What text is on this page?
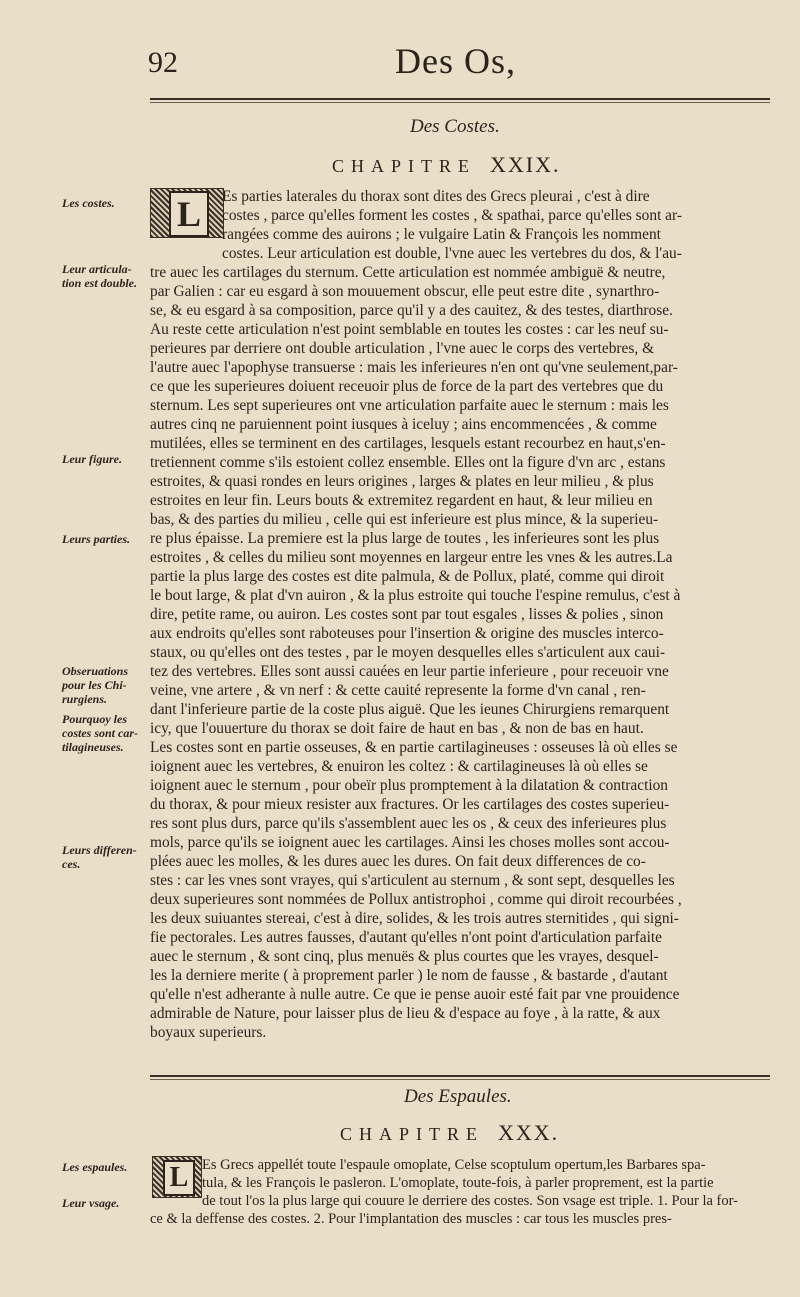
92	Des Os,
Des Costes.
CHAPITRE XXIX.
L
Les costes.
Leur articula-
tion est double.
Leur figure.
Leurs parties.
Obseruations
pour les Chi-
rurgiens.
Pourquoy les
costes sont car-
tilagineuses.
Leurs differen-
ces.
Es parties laterales du thorax sont dites des Grecs pleurai , c'est à dire
costes , parce qu'elles forment les costes , & spathai, parce qu'elles sont ar-
rangées comme des auirons ; le vulgaire Latin & François les nomment
costes. Leur articulation est double, l'vne auec les vertebres du dos, & l'au-
tre auec les cartilages du sternum. Cette articulation est nommée ambiguë & neutre,
par Galien : car eu esgard à son mouuement obscur, elle peut estre dite , synarthro-
se, & eu esgard à sa composition, parce qu'il y a des cauitez, & des testes, diarthrose.
Au reste cette articulation n'est point semblable en toutes les costes : car les neuf su-
perieures par derriere ont double articulation , l'vne auec le corps des vertebres, &
l'autre auec l'apophyse transuerse : mais les inferieures n'en ont qu'vne seulement,par-
ce que les superieures doiuent receuoir plus de force de la part des vertebres que du
sternum. Les sept superieures ont vne articulation parfaite auec le sternum : mais les
autres cinq ne paruiennent point iusques à iceluy ; ains encommencées , & comme
mutilées, elles se terminent en des cartilages, lesquels estant recourbez en haut,s'en-
tretiennent comme s'ils estoient collez ensemble. Elles ont la figure d'vn arc , estans
estroites, & quasi rondes en leurs origines , larges & plates en leur milieu , & plus
estroites en leur fin. Leurs bouts & extremitez regardent en haut, & leur milieu en
bas, & des parties du milieu , celle qui est inferieure est plus mince, & la superieu-
re plus épaisse. La premiere est la plus large de toutes , les inferieures sont les plus
estroites , & celles du milieu sont moyennes en largeur entre les vnes & les autres.La
partie la plus large des costes est dite palmula, & de Pollux, platé, comme qui diroit
le bout large, & plat d'vn auiron , & la plus estroite qui touche l'espine remulus, c'est à
dire, petite rame, ou auiron. Les costes sont par tout esgales , lisses & polies , sinon
aux endroits qu'elles sont raboteuses pour l'insertion & origine des muscles interco-
staux, ou qu'elles ont des testes , par le moyen desquelles elles s'articulent aux caui-
tez des vertebres. Elles sont aussi cauées en leur partie inferieure , pour receuoir vne
veine, vne artere , & vn nerf : & cette cauité represente la forme d'vn canal , ren-
dant l'inferieure partie de la coste plus aiguë. Que les ieunes Chirurgiens remarquent
icy, que l'ouuerture du thorax se doit faire de haut en bas , & non de bas en haut.
Les costes sont en partie osseuses, & en partie cartilagineuses : osseuses là où elles se
ioignent auec les vertebres, & enuiron les coltez : & cartilagineuses là où elles se
ioignent auec le sternum , pour obeïr plus promptement à la dilatation & contraction
du thorax, & pour mieux resister aux fractures. Or les cartilages des costes superieu-
res sont plus durs, parce qu'ils s'assemblent auec les os , & ceux des inferieures plus
mols, parce qu'ils se ioignent auec les cartilages. Ainsi les choses molles sont accou-
plées auec les molles, & les dures auec les dures. On fait deux differences de co-
stes : car les vnes sont vrayes, qui s'articulent au sternum , & sont sept, desquelles les
deux superieures sont nommées de Pollux antistrophoi , comme qui diroit recourbées ,
les deux suiuantes stereai, c'est à dire, solides, & les trois autres sternitides , qui signi-
fie pectorales. Les autres fausses, d'autant qu'elles n'ont point d'articulation parfaite
auec le sternum , & sont cinq, plus menuës & plus courtes que les vrayes, desquel-
les la derniere merite ( à proprement parler ) le nom de fausse , & bastarde , d'autant
qu'elle n'est adherante à nulle autre. Ce que ie pense auoir esté fait par vne prouidence
admirable de Nature, pour laisser plus de lieu & d'espace au foye , à la ratte, & aux
boyaux superieurs.
Des Espaules.
CHAPITRE XXX.
L
Les espaules.
Leur vsage.
Es Grecs appellét toute l'espaule omoplate, Celse scoptulum opertum,les Barbares spa-
tula, & les François le pasleron. L'omoplate, toute-fois, à parler proprement, est la partie
de tout l'os la plus large qui couure le derriere des costes. Son vsage est triple. 1. Pour la for-
ce & la deffense des costes. 2. Pour l'implantation des muscles : car tous les muscles pres-
